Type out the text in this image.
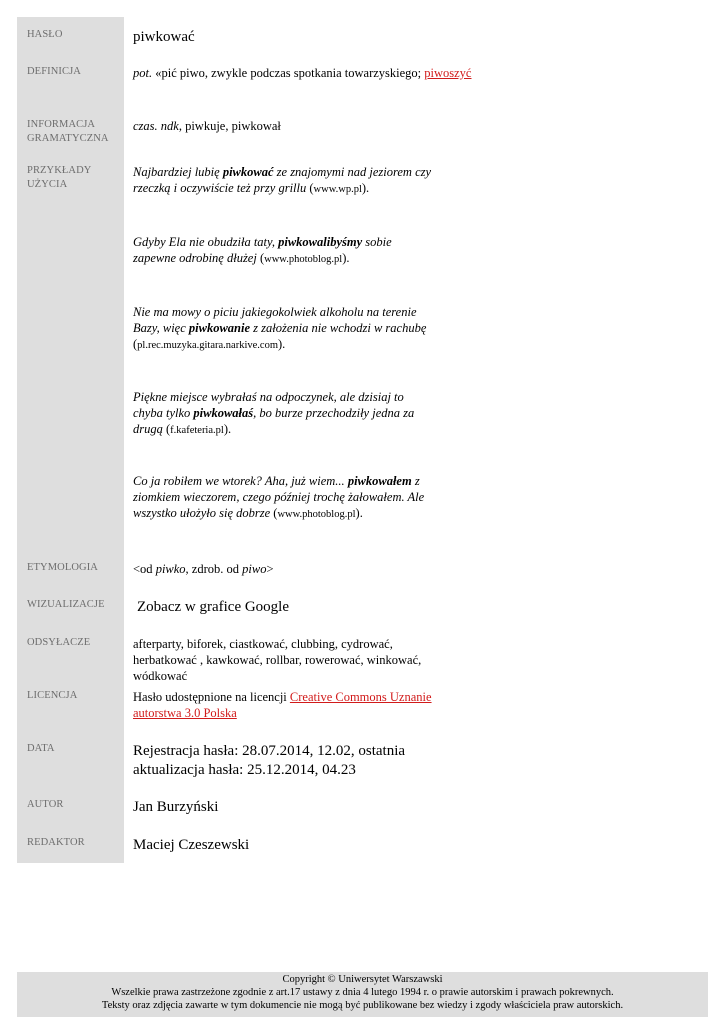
HASŁO
DEFINICJA
INFORMACJA
GRAMATYCZNA
PRZYKŁADY
UŻYCIA
ETYMOLOGIA
WIZUALIZACJE
ODSYŁACZE
LICENCJA
DATA
AUTOR
REDAKTOR
piwkować
pot. «pić piwo, zwykle podczas spotkania towarzyskiego; piwoszyć
czas. ndk, piwkuje, piwkował
Najbardziej lubię piwkować ze znajomymi nad jeziorem czy rzeczką i oczywiście też przy grillu (www.wp.pl).
Gdyby Ela nie obudziła taty, piwkowalibyśmy sobie zapewne odrobinę dłużej (www.photoblog.pl).
Nie ma mowy o piciu jakiegokolwiek alkoholu na terenie Bazy, więc piwkowanie z założenia nie wchodzi w rachubę (pl.rec.muzyka.gitara.narkive.com).
Piękne miejsce wybrałaś na odpoczynek, ale dzisiaj to chyba tylko piwkowałaś, bo burze przechodziły jedna za drugą (f.kafeteria.pl).
Co ja robiłem we wtorek? Aha, już wiem... piwkowałem z ziomkiem wieczorem, czego później trochę żałowałem. Ale wszystko ułożyło się dobrze (www.photoblog.pl).
<od piwko, zdrob. od piwo>
Zobacz w grafice Google
afterparty, biforek, ciastkować, clubbing, cydrować, herbatkować , kawkować, rollbar, rowerować, winkować, wódkować
Hasło udostępnione na licencji Creative Commons Uznanie autorstwa 3.0 Polska
Rejestracja hasła: 28.07.2014, 12.02, ostatnia aktualizacja hasła: 25.12.2014, 04.23
Jan Burzyński
Maciej Czeszewski
Copyright © Uniwersytet Warszawski
Wszelkie prawa zastrzeżone zgodnie z art.17 ustawy z dnia 4 lutego 1994 r. o prawie autorskim i prawach pokrewnych.
Teksty oraz zdjęcia zawarte w tym dokumencie nie mogą być publikowane bez wiedzy i zgody właściciela praw autorskich.
